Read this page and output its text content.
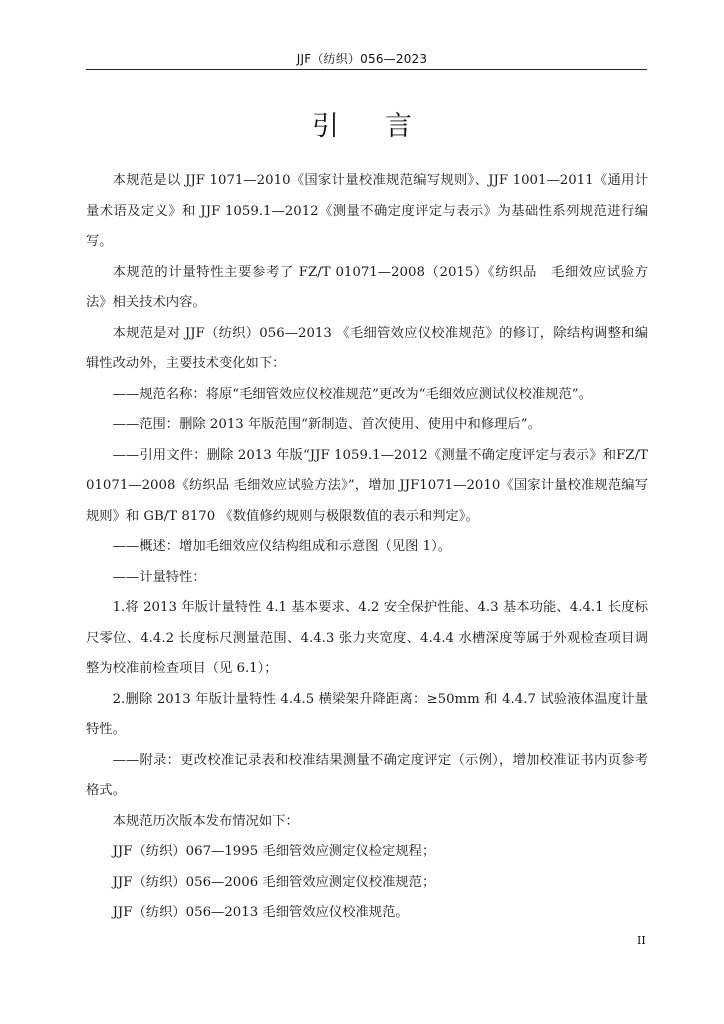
JJF（纺织）056—2023
引言

本规范是以 JJF 1071—2010《国家计量校准规范编写规则》、JJF 1001—2011《通用计量术语及定义》和 JJF 1059.1—2012《测量不确定度评定与表示》为基础性系列规范进行编写。

本规范的计量特性主要参考了 FZ/T 01071—2008（2015）《纺织品　毛细效应试验方法》相关技术内容。

本规范是对 JJF（纺织）056—2013 《毛细管效应仪校准规范》的修订，除结构调整和编辑性改动外，主要技术变化如下：

——规范名称：将原“毛细管效应仪校准规范”更改为“毛细效应测试仪校准规范”。

——范围：删除 2013 年版范围“新制造、首次使用、使用中和修理后”。

——引用文件：删除 2013 年版“JJF 1059.1—2012《测量不确定度评定与表示》和FZ/T 01071—2008《纺织品 毛细效应试验方法》”，增加 JJF1071—2010《国家计量校准规范编写规则》和 GB/T 8170 《数值修约规则与极限数值的表示和判定》。

——概述：增加毛细效应仪结构组成和示意图（见图 1）。

——计量特性：

1.将 2013 年版计量特性 4.1 基本要求、4.2 安全保护性能、4.3 基本功能、4.4.1 长度标尺零位、4.4.2 长度标尺测量范围、4.4.3 张力夹宽度、4.4.4 水槽深度等属于外观检查项目调整为校准前检查项目（见 6.1）；

2.删除 2013 年版计量特性 4.4.5 横梁架升降距离：≥50mm 和 4.4.7 试验液体温度计量特性。

——附录：更改校准记录表和校准结果测量不确定度评定（示例），增加校准证书内页参考格式。

本规范历次版本发布情况如下：

JJF（纺织）067—1995 毛细管效应测定仪检定规程；

JJF（纺织）056—2006 毛细管效应测定仪校准规范；

JJF（纺织）056—2013 毛细管效应仪校准规范。

II
